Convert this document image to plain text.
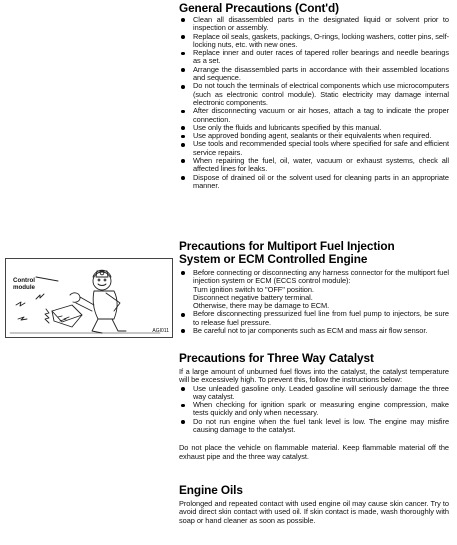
General Precautions (Cont'd)
Clean all disassembled parts in the designated liquid or solvent prior to inspection or assembly.
Replace oil seals, gaskets, packings, O-rings, locking washers, cotter pins, self-locking nuts, etc. with new ones.
Replace inner and outer races of tapered roller bearings and needle bearings as a set.
Arrange the disassembled parts in accordance with their assembled locations and sequence.
Do not touch the terminals of electrical components which use microcomputers (such as electronic control module). Static electricity may damage internal electronic components.
After disconnecting vacuum or air hoses, attach a tag to indicate the proper connection.
Use only the fluids and lubricants specified by this manual.
Use approved bonding agent, sealants or their equivalents when required.
Use tools and recommended special tools where specified for safe and efficient service repairs.
When repairing the fuel, oil, water, vacuum or exhaust systems, check all affected lines for leaks.
Dispose of drained oil or the solvent used for cleaning parts in an appropriate manner.
Control
module
AGI011
Precautions for Multiport Fuel Injection
System or ECM Controlled Engine
Before connecting or disconnecting any harness connector for the multiport fuel injection system or ECM (ECCS control module):
Turn ignition switch to "OFF" position.
Disconnect negative battery terminal.
Otherwise, there may be damage to ECM.
Before disconnecting pressurized fuel line from fuel pump to injectors, be sure to release fuel pressure.
Be careful not to jar components such as ECM and mass air flow sensor.
Precautions for Three Way Catalyst

If a large amount of unburned fuel flows into the catalyst, the catalyst temperature will be excessively high. To prevent this, follow the instructions below:

Use unleaded gasoline only. Leaded gasoline will seriously damage the three way catalyst.
When checking for ignition spark or measuring engine compression, make tests quickly and only when necessary.
Do not run engine when the fuel tank level is low. The engine may misfire causing damage to the catalyst.

Do not place the vehicle on flammable material. Keep flammable material off the exhaust pipe and the three way catalyst.

Engine Oils

Prolonged and repeated contact with used engine oil may cause skin cancer. Try to avoid direct skin contact with used oil. If skin contact is made, wash thoroughly with soap or hand cleaner as soon as possible.
